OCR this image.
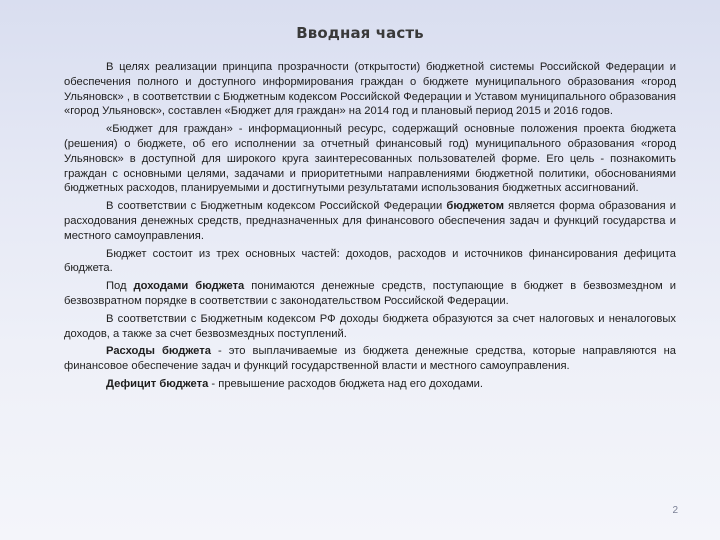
Вводная часть

В целях реализации принципа прозрачности (открытости) бюджетной системы Российской Федерации и обеспечения полного и доступного информирования граждан о бюджете муниципального образования «город Ульяновск» , в соответствии с Бюджетным кодексом Российской Федерации и Уставом муниципального образования «город Ульяновск», составлен «Бюджет для граждан» на 2014 год и плановый период 2015 и 2016 годов.

«Бюджет для граждан» - информационный ресурс, содержащий основные положения проекта бюджета (решения) о бюджете, об его исполнении за отчетный финансовый год) муниципального образования «город Ульяновск» в доступной для широкого круга заинтересованных пользователей форме. Его цель - познакомить граждан с основными целями, задачами и приоритетными направлениями бюджетной политики, обоснованиями бюджетных расходов, планируемыми и достигнутыми результатами использования бюджетных ассигнований.

В соответствии с Бюджетным кодексом Российской Федерации бюджетом является форма образования и расходования денежных средств, предназначенных для финансового обеспечения задач и функций государства и местного самоуправления.

Бюджет состоит из трех основных частей: доходов, расходов и источников финансирования дефицита бюджета.

Под доходами бюджета понимаются денежные средств, поступающие в бюджет в безвозмездном и безвозвратном порядке в соответствии с законодательством Российской Федерации.

В соответствии с Бюджетным кодексом РФ доходы бюджета образуются за счет налоговых и неналоговых доходов, а также за счет безвозмездных поступлений.

Расходы бюджета - это выплачиваемые из бюджета денежные средства, которые направляются на финансовое обеспечение задач и функций государственной власти и местного самоуправления.

Дефицит бюджета - превышение расходов бюджета над его доходами.

2
